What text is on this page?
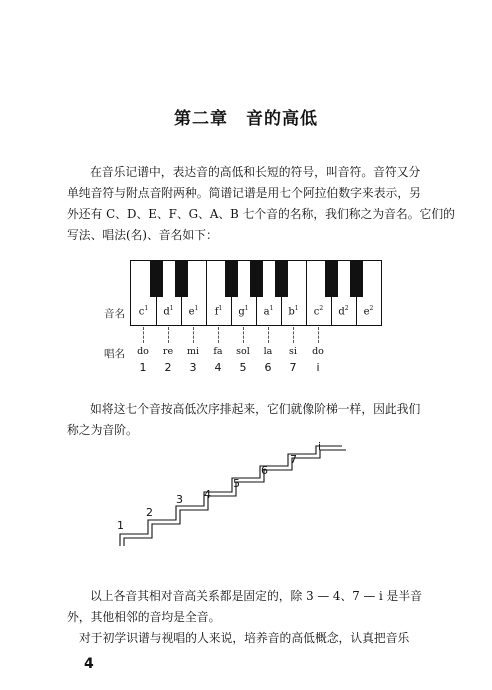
第二章　音的高低
在音乐记谱中，表达音的高低和长短的符号，叫音符。音符又分
单纯音符与附点音附两种。简谱记谱是用七个阿拉伯数字来表示，另
外还有 C、D、E、F、G、A、B 七个音的名称，我们称之为音名。它们的
写法、唱法(名)、音名如下：
音名
唱名
$c^1$	$d^1$	$e^1$	$f^1$	$g^1$	$a^1$	$b^1$	$c^2$	$d^2$	$e^2$
do	re	mi	fa	sol	la	si	do
1	2	3	4	5	6	7	i
如将这七个音按高低次序排起来，它们就像阶梯一样，因此我们
称之为音阶。
1
2
3 4
5
6
7
i
以上各音其相对音高关系都是固定的，除 3 — 4、7 — i 是半音
外，其他相邻的音均是全音。
对于初学识谱与视唱的人来说，培养音的高低概念，认真把音乐
4
